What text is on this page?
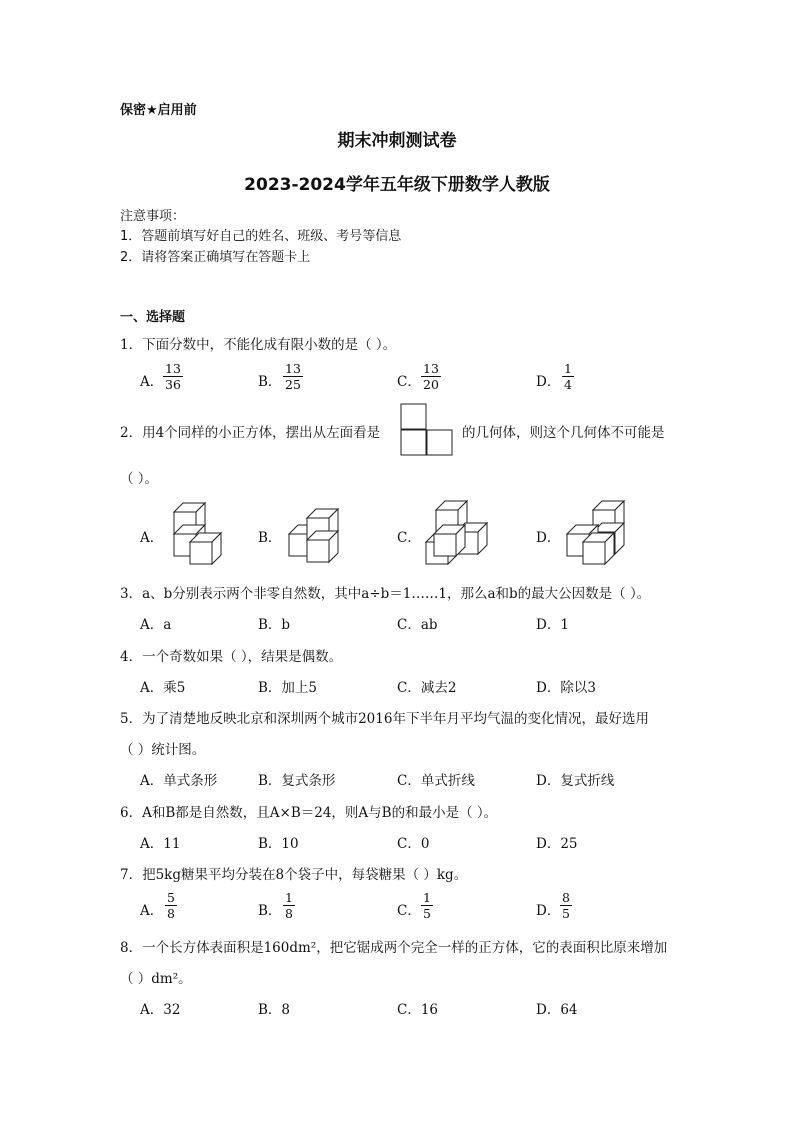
保密★启用前
期末冲刺测试卷
2023-2024学年五年级下册数学人教版
注意事项：
1．答题前填写好自己的姓名、班级、考号等信息
2．请将答案正确填写在答题卡上
一、选择题
1．下面分数中，不能化成有限小数的是（ ）。
A．
13
36	B．
13
25	C．
13
20	D．
1
4
2．用4个同样的小正方体，摆出从左面看是	的几何体，则这个几何体不可能是
（ ）。
A．	B．	C．	D．
3．a、b分别表示两个非零自然数，其中a÷b＝1……1，那么a和b的最大公因数是（ ）。
A．a	B．b	C．ab	D．1
4．一个奇数如果（ ），结果是偶数。
A．乘5	B．加上5	C．减去2	D．除以3
5．为了清楚地反映北京和深圳两个城市2016年下半年月平均气温的变化情况，最好选用
（ ）统计图。
A．单式条形	B．复式条形	C．单式折线	D．复式折线
6．A和B都是自然数，且A×B＝24，则A与B的和最小是（ ）。
A．11	B．10	C．0	D．25
7．把5kg糖果平均分装在8个袋子中，每袋糖果（ ）kg。
A．
5
8	B．
1
8	C．
1
5	D．
8
5
8．一个长方体表面积是160dm²，把它锯成两个完全一样的正方体，它的表面积比原来增加
（ ）dm²。
A．32	B．8	C．16	D．64
